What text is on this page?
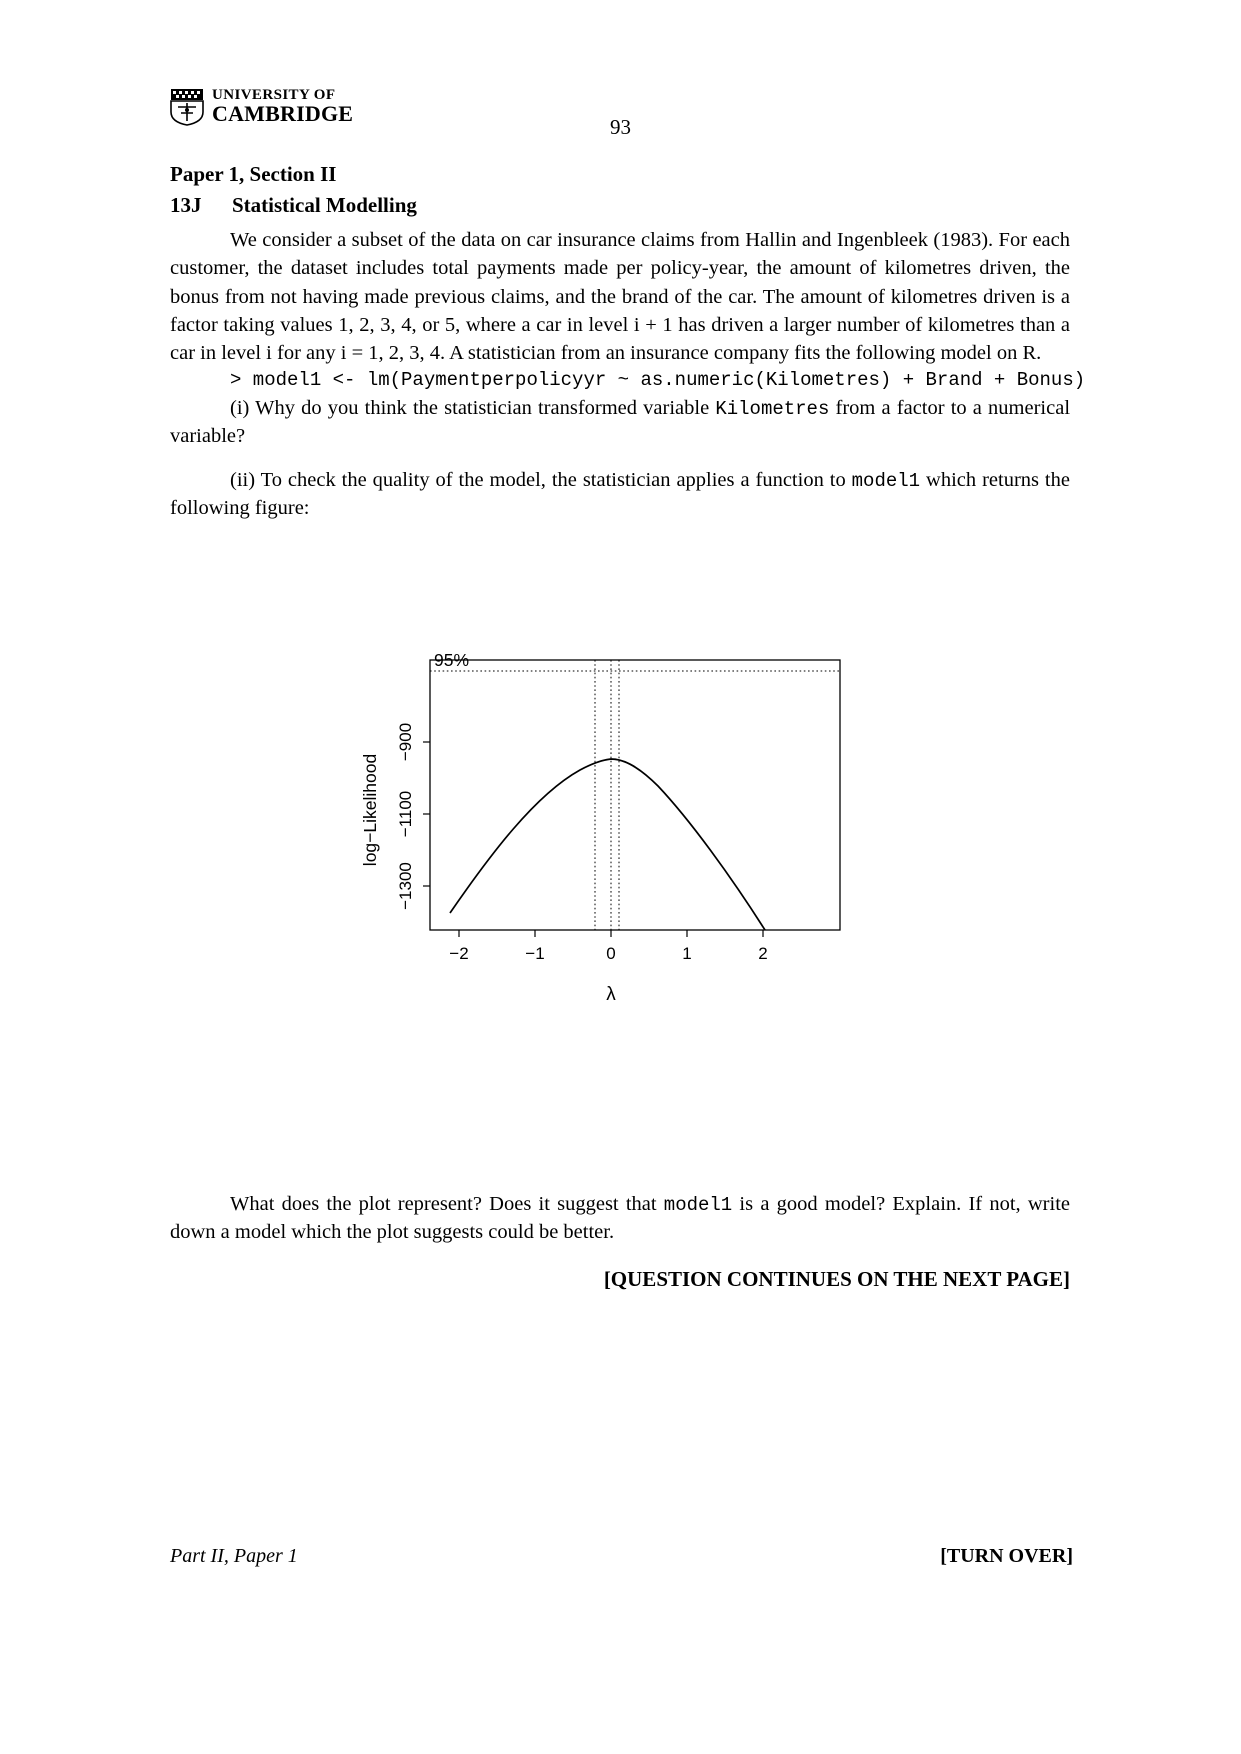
UNIVERSITY OF
CAMBRIDGE
93
Paper 1, Section II
13J Statistical Modelling

We consider a subset of the data on car insurance claims from Hallin and Ingenbleek (1983). For each customer, the dataset includes total payments made per policy-year, the amount of kilometres driven, the bonus from not having made previous claims, and the brand of the car. The amount of kilometres driven is a factor taking values 1, 2, 3, 4, or 5, where a car in level i + 1 has driven a larger number of kilometres than a car in level i for any i = 1, 2, 3, 4. A statistician from an insurance company fits the following model on R.

> model1 <- lm(Paymentperpolicyyr ~ as.numeric(Kilometres) + Brand + Bonus)

(i) Why do you think the statistician transformed variable Kilometres from a factor to a numerical variable?

(ii) To check the quality of the model, the statistician applies a function to model1 which returns the following figure:

−2	−1	0	1	2
−1300
−1100
−900
log−Likelihood
λ
95%

What does the plot represent? Does it suggest that model1 is a good model? Explain. If not, write down a model which the plot suggests could be better.

[QUESTION CONTINUES ON THE NEXT PAGE]
Part II, Paper 1	[TURN OVER]
